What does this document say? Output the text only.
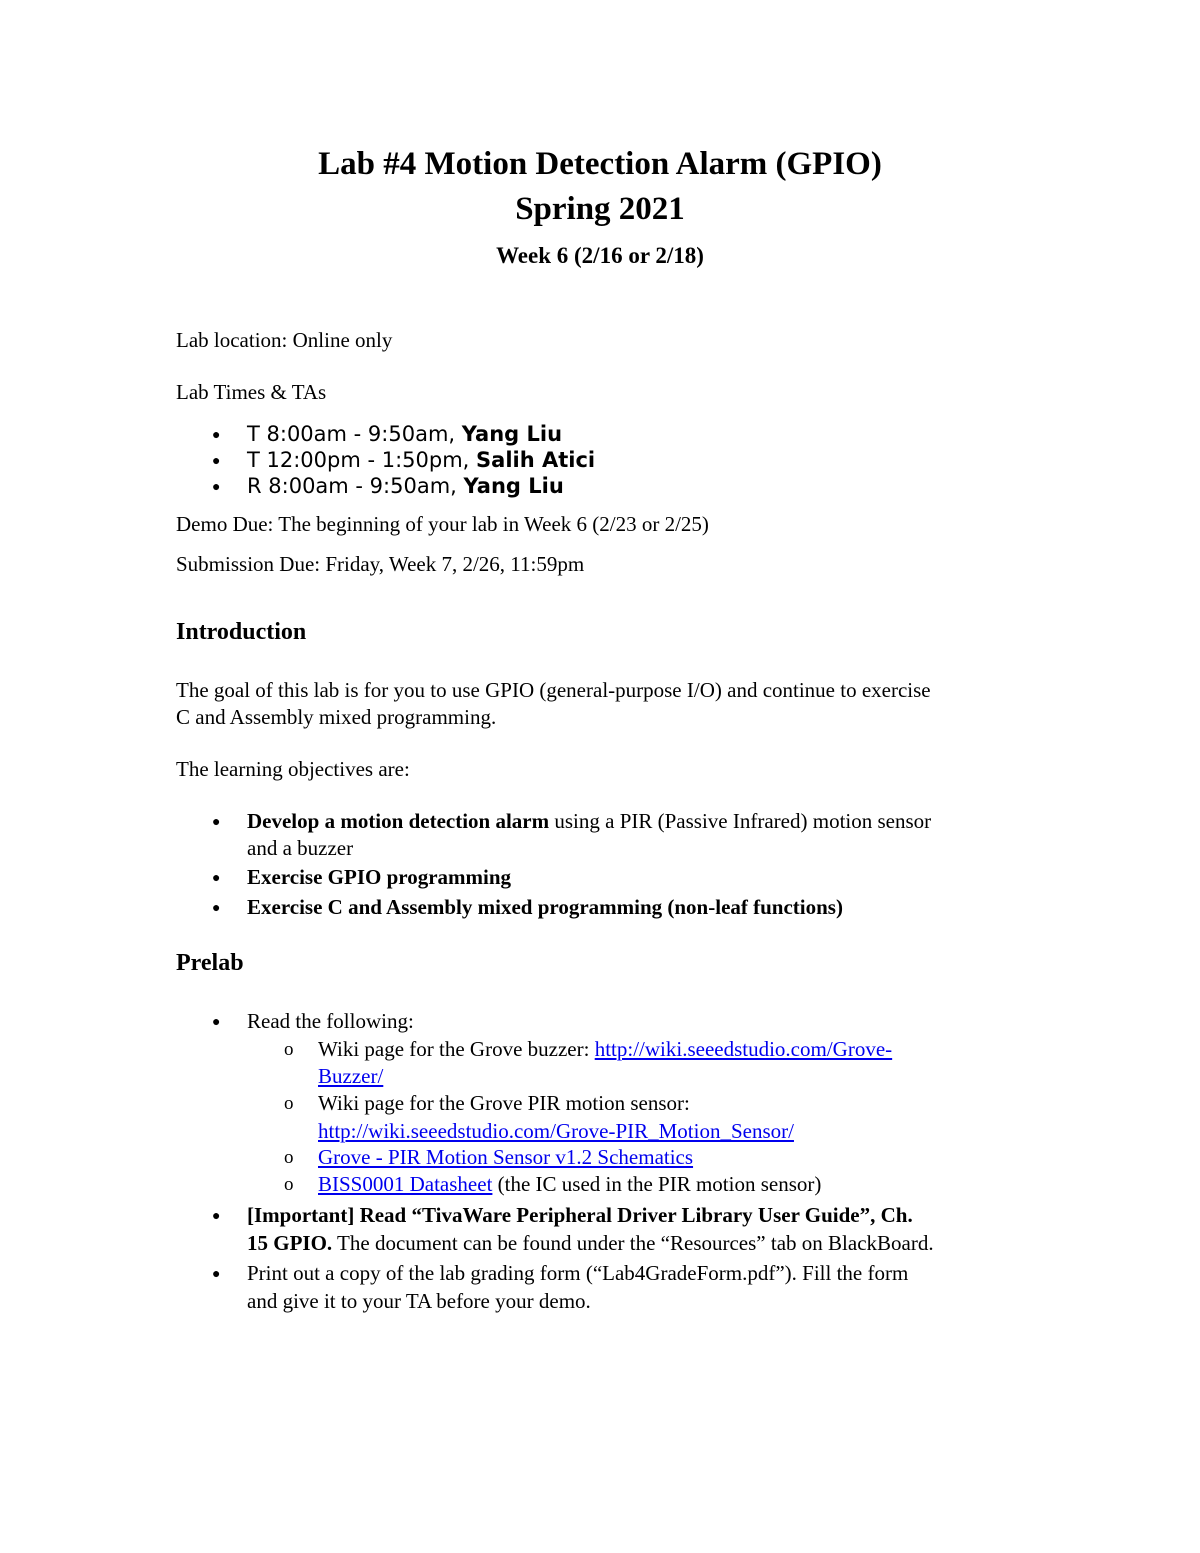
Lab #4 Motion Detection Alarm (GPIO)
Spring 2021
Week 6 (2/16 or 2/18)
Lab location: Online only
Lab Times & TAs
● T 8:00am - 9:50am, Yang Liu
● T 12:00pm - 1:50pm, Salih Atici
● R 8:00am - 9:50am, Yang Liu
Demo Due: The beginning of your lab in Week 6 (2/23 or 2/25)
Submission Due: Friday, Week 7, 2/26, 11:59pm
Introduction
The goal of this lab is for you to use GPIO (general-purpose I/O) and continue to exercise
C and Assembly mixed programming.
The learning objectives are:
● Develop a motion detection alarm using a PIR (Passive Infrared) motion sensor
and a buzzer
● Exercise GPIO programming
● Exercise C and Assembly mixed programming (non-leaf functions)
Prelab
● Read the following:
o Wiki page for the Grove buzzer: http://wiki.seeedstudio.com/Grove-
Buzzer/
o Wiki page for the Grove PIR motion sensor:
http://wiki.seeedstudio.com/Grove-PIR_Motion_Sensor/
o Grove - PIR Motion Sensor v1.2 Schematics
o BISS0001 Datasheet (the IC used in the PIR motion sensor)
● [Important] Read “TivaWare Peripheral Driver Library User Guide”, Ch.
15 GPIO. The document can be found under the “Resources” tab on BlackBoard.
● Print out a copy of the lab grading form (“Lab4GradeForm.pdf”). Fill the form
and give it to your TA before your demo.
